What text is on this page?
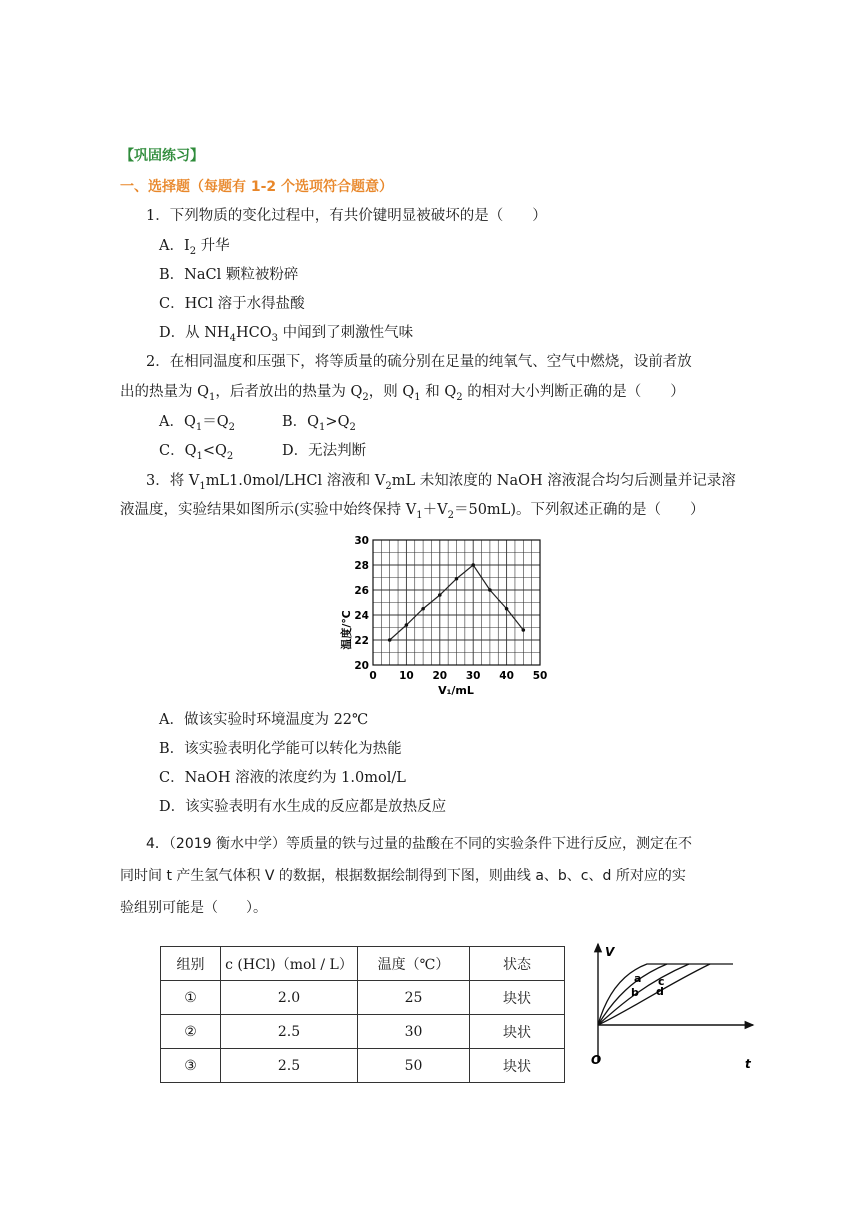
【巩固练习】
一、选择题（每题有 1-2 个选项符合题意）
1．下列物质的变化过程中，有共价键明显被破坏的是（　　）
A．$I_2$ 升华
B．NaCl 颗粒被粉碎
C．HCl 溶于水得盐酸
D．从 $NH_4HCO_3$ 中闻到了刺激性气味
2．在相同温度和压强下，将等质量的硫分别在足量的纯氧气、空气中燃烧，设前者放
出的热量为 $Q_1$，后者放出的热量为 $Q_2$，则 $Q_1$ 和 $Q_2$ 的相对大小判断正确的是（　　）
A．$Q_1=Q_2$	B．$Q_1>Q_2$
C．$Q_1<Q_2$	D．无法判断
3．将 $V_1mL1.0mol$/LHCl 溶液和 $V_2mL$ 未知浓度的 NaOH 溶液混合均匀后测量并记录溶
液温度，实验结果如图所示(实验中始终保持 $V_1+V_2=50mL$)。下列叙述正确的是（　　）
0 10 20 30 40 50
20
22
24
26
28
30
温度/℃
V₁/mL
A．做该实验时环境温度为 22℃
B．该实验表明化学能可以转化为热能
C．NaOH 溶液的浓度约为 1.0mol/L
D．该实验表明有水生成的反应都是放热反应
4．（2019 衡水中学）等质量的铁与过量的盐酸在不同的实验条件下进行反应，测定在不
同时间 t 产生氢气体积 V 的数据，根据数据绘制得到下图，则曲线 a、b、c、d 所对应的实
验组别可能是（　　）。
组别	c (HCl)（mol / L）	温度（℃）	状态
①	2.0	25	块状
②	2.5	30	块状
③	2.5	50	块状
V
t
O
a
b
c
d
